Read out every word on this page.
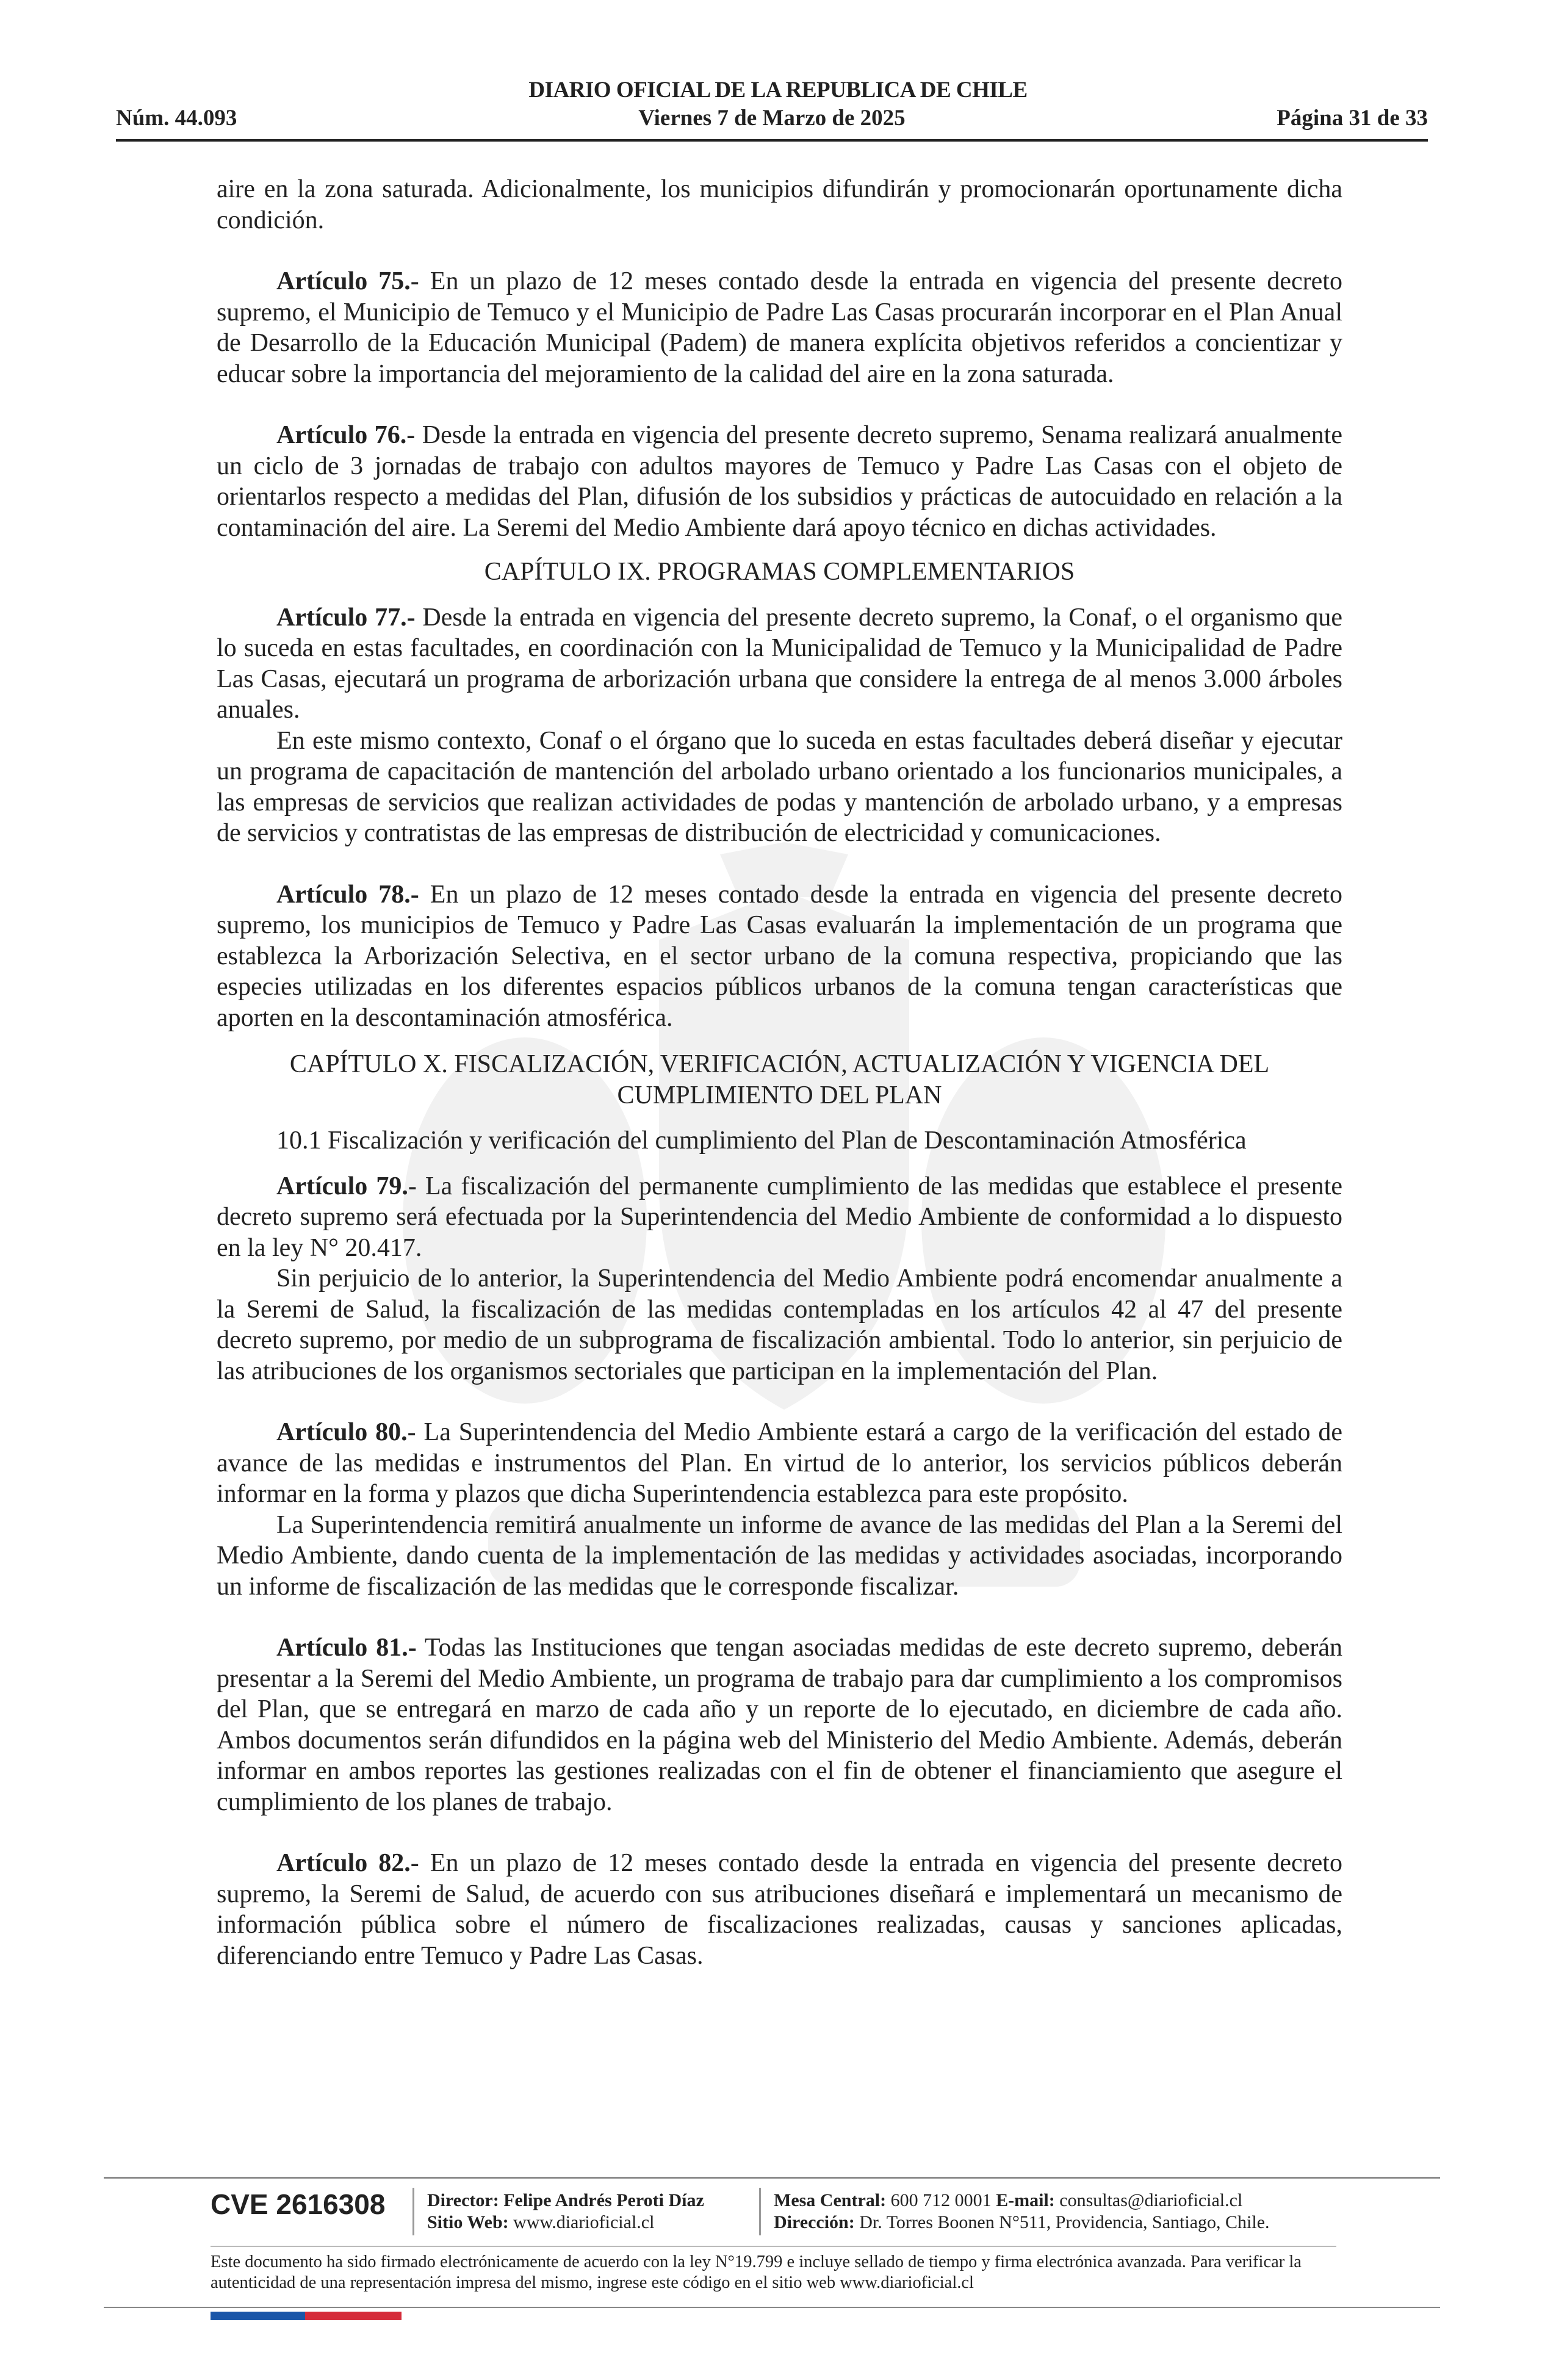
DIARIO OFICIAL DE LA REPUBLICA DE CHILE
Núm. 44.093	Viernes 7 de Marzo de 2025	Página 31 de 33

aire en la zona saturada. Adicionalmente, los municipios difundirán y promocionarán oportunamente dicha condición.

Artículo 75.- En un plazo de 12 meses contado desde la entrada en vigencia del presente decreto supremo, el Municipio de Temuco y el Municipio de Padre Las Casas procurarán incorporar en el Plan Anual de Desarrollo de la Educación Municipal (Padem) de manera explícita objetivos referidos a concientizar y educar sobre la importancia del mejoramiento de la calidad del aire en la zona saturada.

Artículo 76.- Desde la entrada en vigencia del presente decreto supremo, Senama realizará anualmente un ciclo de 3 jornadas de trabajo con adultos mayores de Temuco y Padre Las Casas con el objeto de orientarlos respecto a medidas del Plan, difusión de los subsidios y prácticas de autocuidado en relación a la contaminación del aire. La Seremi del Medio Ambiente dará apoyo técnico en dichas actividades.

CAPÍTULO IX. PROGRAMAS COMPLEMENTARIOS

Artículo 77.- Desde la entrada en vigencia del presente decreto supremo, la Conaf, o el organismo que lo suceda en estas facultades, en coordinación con la Municipalidad de Temuco y la Municipalidad de Padre Las Casas, ejecutará un programa de arborización urbana que considere la entrega de al menos 3.000 árboles anuales.

En este mismo contexto, Conaf o el órgano que lo suceda en estas facultades deberá diseñar y ejecutar un programa de capacitación de mantención del arbolado urbano orientado a los funcionarios municipales, a las empresas de servicios que realizan actividades de podas y mantención de arbolado urbano, y a empresas de servicios y contratistas de las empresas de distribución de electricidad y comunicaciones.

Artículo 78.- En un plazo de 12 meses contado desde la entrada en vigencia del presente decreto supremo, los municipios de Temuco y Padre Las Casas evaluarán la implementación de un programa que establezca la Arborización Selectiva, en el sector urbano de la comuna respectiva, propiciando que las especies utilizadas en los diferentes espacios públicos urbanos de la comuna tengan características que aporten en la descontaminación atmosférica.

CAPÍTULO X. FISCALIZACIÓN, VERIFICACIÓN, ACTUALIZACIÓN Y VIGENCIA DEL CUMPLIMIENTO DEL PLAN

10.1 Fiscalización y verificación del cumplimiento del Plan de Descontaminación Atmosférica

Artículo 79.- La fiscalización del permanente cumplimiento de las medidas que establece el presente decreto supremo será efectuada por la Superintendencia del Medio Ambiente de conformidad a lo dispuesto en la ley N° 20.417.

Sin perjuicio de lo anterior, la Superintendencia del Medio Ambiente podrá encomendar anualmente a la Seremi de Salud, la fiscalización de las medidas contempladas en los artículos 42 al 47 del presente decreto supremo, por medio de un subprograma de fiscalización ambiental. Todo lo anterior, sin perjuicio de las atribuciones de los organismos sectoriales que participan en la implementación del Plan.

Artículo 80.- La Superintendencia del Medio Ambiente estará a cargo de la verificación del estado de avance de las medidas e instrumentos del Plan. En virtud de lo anterior, los servicios públicos deberán informar en la forma y plazos que dicha Superintendencia establezca para este propósito.

La Superintendencia remitirá anualmente un informe de avance de las medidas del Plan a la Seremi del Medio Ambiente, dando cuenta de la implementación de las medidas y actividades asociadas, incorporando un informe de fiscalización de las medidas que le corresponde fiscalizar.

Artículo 81.- Todas las Instituciones que tengan asociadas medidas de este decreto supremo, deberán presentar a la Seremi del Medio Ambiente, un programa de trabajo para dar cumplimiento a los compromisos del Plan, que se entregará en marzo de cada año y un reporte de lo ejecutado, en diciembre de cada año. Ambos documentos serán difundidos en la página web del Ministerio del Medio Ambiente. Además, deberán informar en ambos reportes las gestiones realizadas con el fin de obtener el financiamiento que asegure el cumplimiento de los planes de trabajo.

Artículo 82.- En un plazo de 12 meses contado desde la entrada en vigencia del presente decreto supremo, la Seremi de Salud, de acuerdo con sus atribuciones diseñará e implementará un mecanismo de información pública sobre el número de fiscalizaciones realizadas, causas y sanciones aplicadas, diferenciando entre Temuco y Padre Las Casas.

CVE 2616308 Director: Felipe Andrés Peroti Díaz
Sitio Web: www.diarioficial.cl
Mesa Central: 600 712 0001 E-mail: consultas@diarioficial.cl
Dirección: Dr. Torres Boonen N°511, Providencia, Santiago, Chile.
Este documento ha sido firmado electrónicamente de acuerdo con la ley N°19.799 e incluye sellado de tiempo y firma electrónica avanzada. Para verificar la autenticidad de una representación impresa del mismo, ingrese este código en el sitio web www.diarioficial.cl
